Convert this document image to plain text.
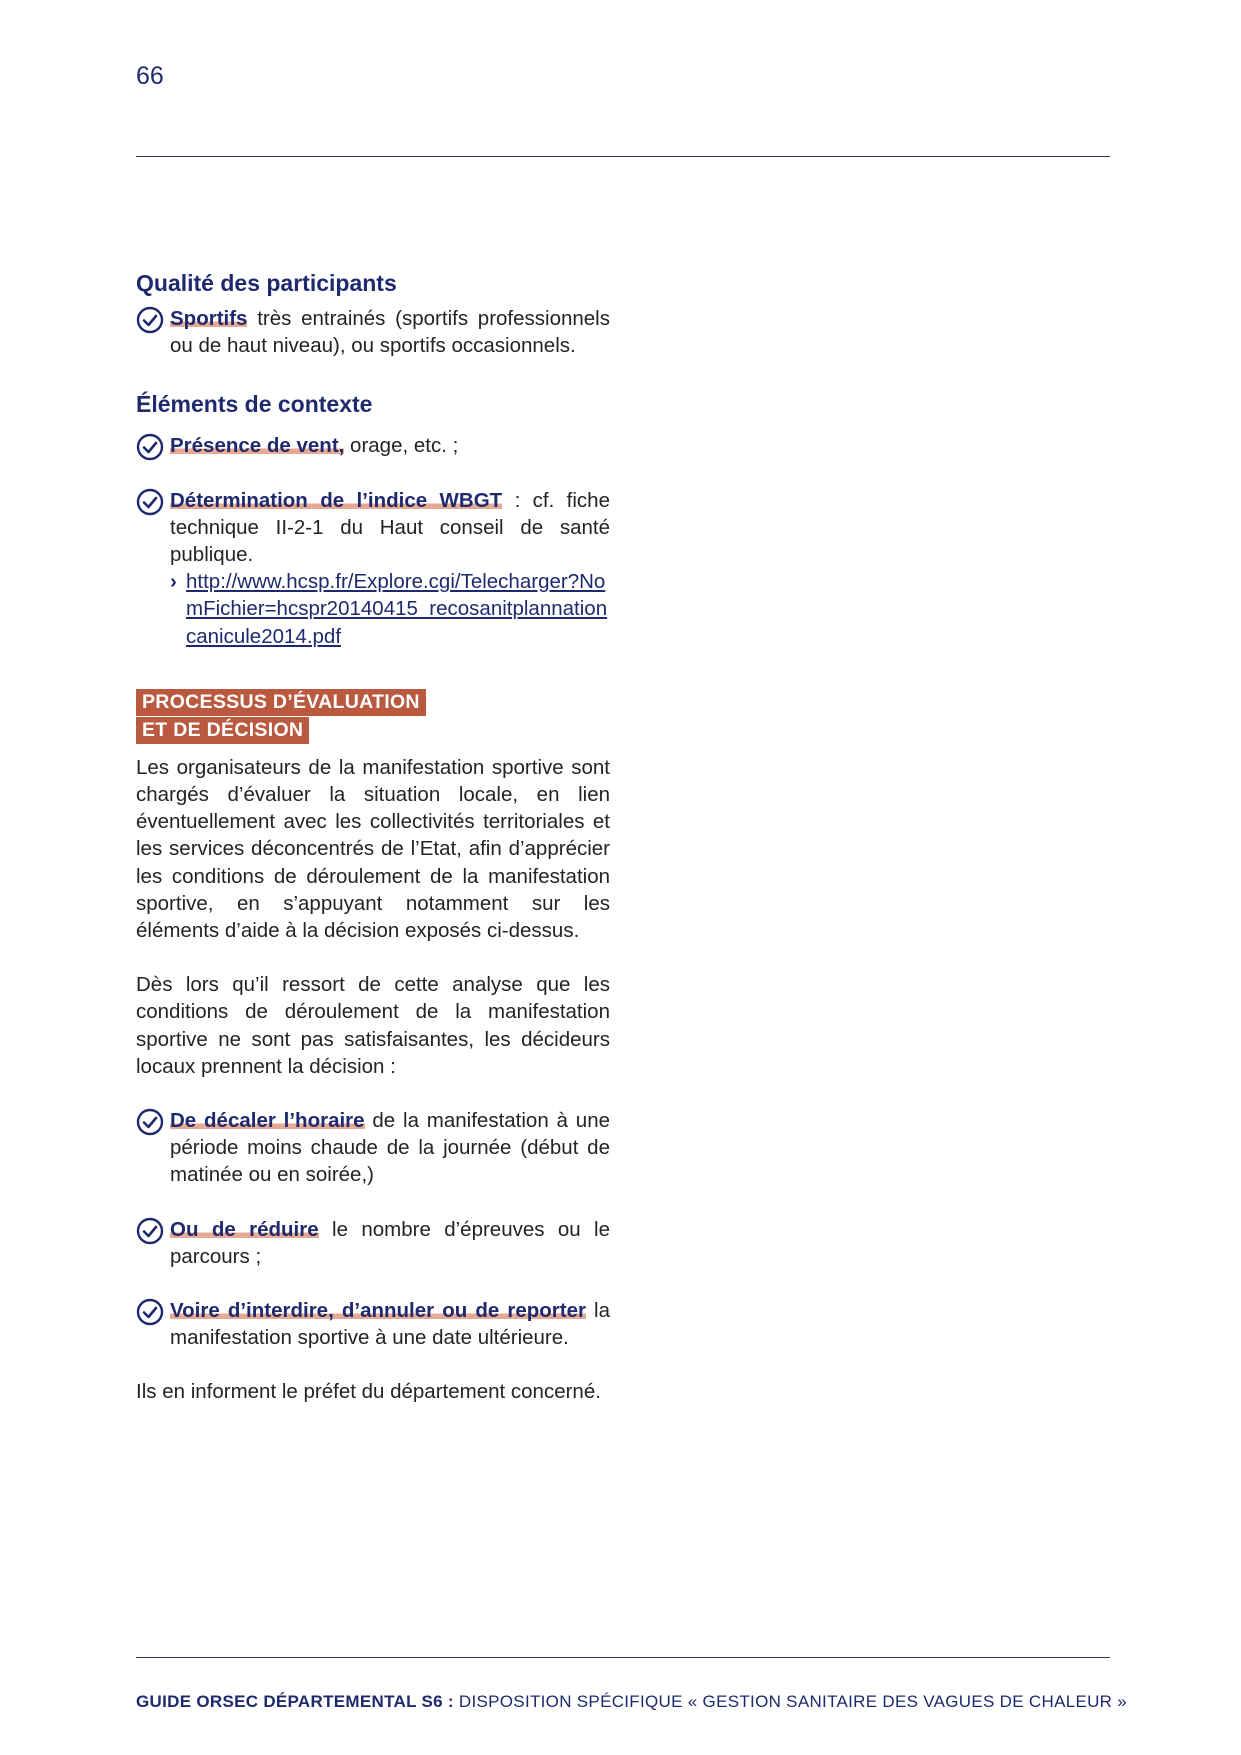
66
Qualité des participants
Sportifs très entrainés (sportifs professionnels ou de haut niveau), ou sportifs occasionnels.
Éléments de contexte
Présence de vent, orage, etc. ;
Détermination de l’indice WBGT : cf. fiche technique II-2-1 du Haut conseil de santé publique.
› http://www.hcsp.fr/Explore.cgi/Telecharger?NomFichier=hcspr20140415_recosanitplannationcanicule2014.pdf
PROCESSUS D’ÉVALUATION
ET DE DÉCISION

Les organisateurs de la manifestation sportive sont chargés d’évaluer la situation locale, en lien éventuellement avec les collectivités territoriales et les services déconcentrés de l’Etat, afin d’apprécier les conditions de déroulement de la manifestation sportive, en s’appuyant notamment sur les éléments d’aide à la décision exposés ci-dessus.

Dès lors qu’il ressort de cette analyse que les conditions de déroulement de la manifestation sportive ne sont pas satisfaisantes, les décideurs locaux prennent la décision :

De décaler l’horaire de la manifestation à une période moins chaude de la journée (début de matinée ou en soirée,)
Ou de réduire le nombre d’épreuves ou le parcours ;
Voire d’interdire, d’annuler ou de reporter la manifestation sportive à une date ultérieure.

Ils en informent le préfet du département concerné.

GUIDE ORSEC DÉPARTEMENTAL S6 : DISPOSITION SPÉCIFIQUE « GESTION SANITAIRE DES VAGUES DE CHALEUR »
